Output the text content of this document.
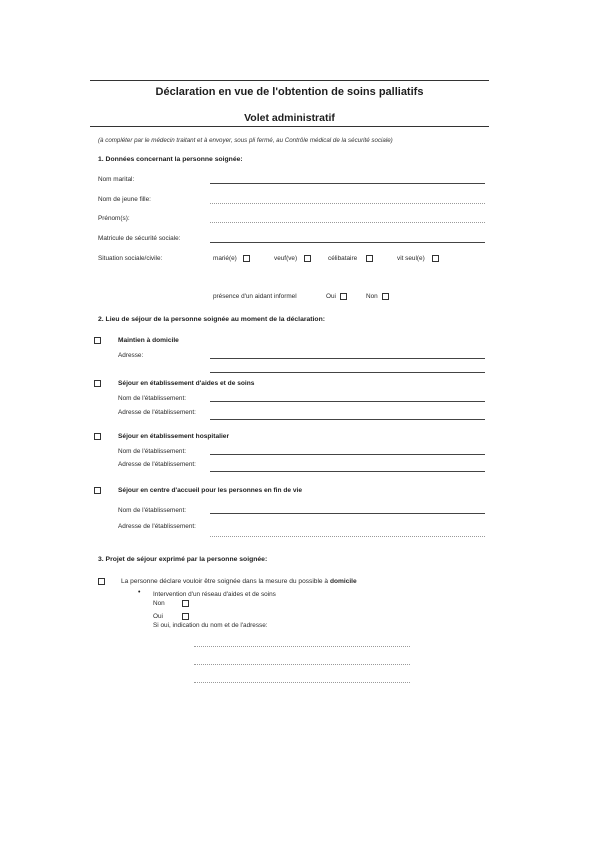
Déclaration en vue de l'obtention de soins palliatifs
Volet administratif
(à compléter par le médecin traitant et à envoyer, sous pli fermé, au Contrôle médical de la sécurité sociale)
1. Données concernant la personne soignée:
Nom marital:
Nom de jeune fille:
Prénom(s):
Matricule de sécurité sociale:
Situation sociale/civile:	marié(e)	veuf(ve)	célibataire	vit seul(e)
présence d'un aidant informel	Oui	Non
2. Lieu de séjour de la personne soignée au moment de la déclaration:
Maintien à domicile
Adresse:
Séjour en établissement d'aides et de soins
Nom de l'établissement:
Adresse de l'établissement:
Séjour en établissement hospitalier
Nom de l'établissement:
Adresse de l'établissement:
Séjour en centre d'accueil pour les personnes en fin de vie
Nom de l'établissement:
Adresse de l'établissement:
3. Projet de séjour exprimé par la personne soignée:
La personne déclare vouloir être soignée dans la mesure du possible à domicile
• Intervention d'un réseau d'aides et de soins
Non
Oui
Si oui, indication du nom et de l'adresse:
